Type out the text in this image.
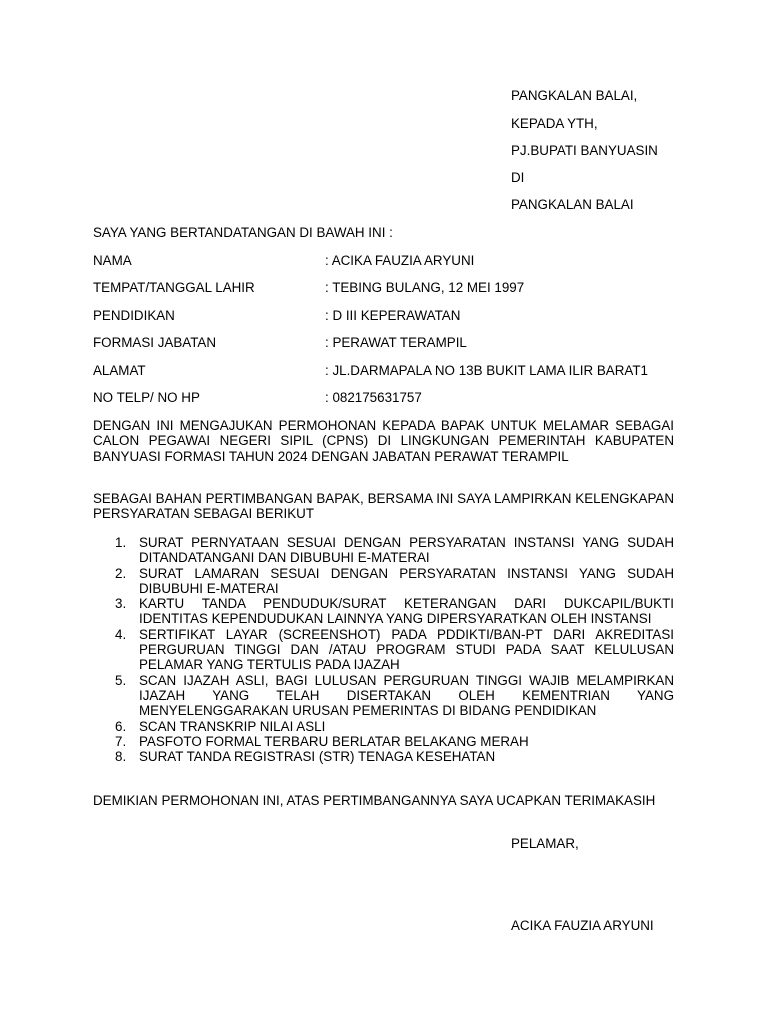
PANGKALAN BALAI,
KEPADA YTH,
PJ.BUPATI BANYUASIN
DI
PANGKALAN BALAI
SAYA YANG BERTANDATANGAN DI BAWAH INI :
NAMA	: ACIKA FAUZIA ARYUNI
TEMPAT/TANGGAL LAHIR	: TEBING BULANG, 12 MEI 1997
PENDIDIKAN	: D III KEPERAWATAN
FORMASI JABATAN	: PERAWAT TERAMPIL
ALAMAT	: JL.DARMAPALA NO 13B BUKIT LAMA ILIR BARAT1
NO TELP/ NO HP	: 082175631757
DENGAN INI MENGAJUKAN PERMOHONAN KEPADA BAPAK UNTUK MELAMAR SEBAGAI CALON PEGAWAI NEGERI SIPIL (CPNS) DI LINGKUNGAN PEMERINTAH KABUPATEN BANYUASI FORMASI TAHUN 2024 DENGAN JABATAN PERAWAT TERAMPIL
SEBAGAI BAHAN PERTIMBANGAN BAPAK, BERSAMA INI SAYA LAMPIRKAN KELENGKAPAN PERSYARATAN SEBAGAI BERIKUT
1. SURAT PERNYATAAN SESUAI DENGAN PERSYARATAN INSTANSI YANG SUDAH DITANDATANGANI DAN DIBUBUHI E-MATERAI
2. SURAT LAMARAN SESUAI DENGAN PERSYARATAN INSTANSI YANG SUDAH DIBUBUHI E-MATERAI
3. KARTU TANDA PENDUDUK/SURAT KETERANGAN DARI DUKCAPIL/BUKTI IDENTITAS KEPENDUDUKAN LAINNYA YANG DIPERSYARATKAN OLEH INSTANSI
4. SERTIFIKAT LAYAR (SCREENSHOT) PADA PDDIKTI/BAN-PT DARI AKREDITASI PERGURUAN TINGGI DAN /ATAU PROGRAM STUDI PADA SAAT KELULUSAN PELAMAR YANG TERTULIS PADA IJAZAH
5. SCAN IJAZAH ASLI, BAGI LULUSAN PERGURUAN TINGGI WAJIB MELAMPIRKAN IJAZAH YANG TELAH DISERTAKAN OLEH KEMENTRIAN YANG MENYELENGGARAKAN URUSAN PEMERINTAS DI BIDANG PENDIDIKAN
6. SCAN TRANSKRIP NILAI ASLI
7. PASFOTO FORMAL TERBARU BERLATAR BELAKANG MERAH
8. SURAT TANDA REGISTRASI (STR) TENAGA KESEHATAN
DEMIKIAN PERMOHONAN INI, ATAS PERTIMBANGANNYA SAYA UCAPKAN TERIMAKASIH
PELAMAR,
ACIKA FAUZIA ARYUNI
